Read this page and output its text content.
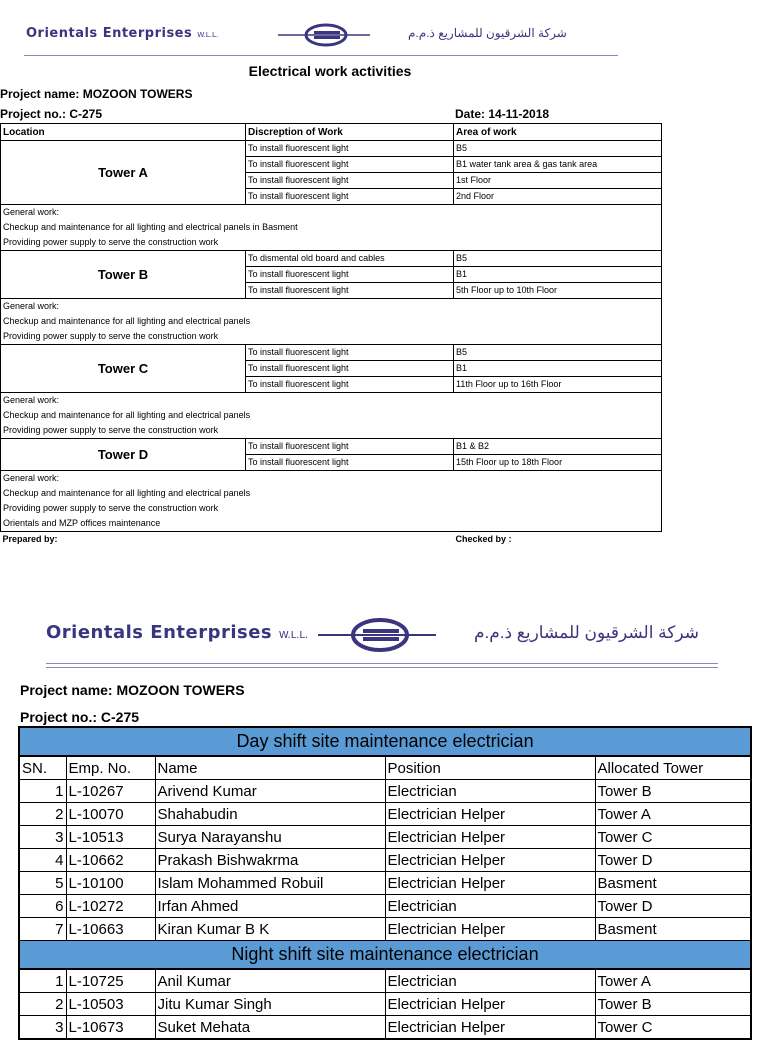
Orientals Enterprises W.L.L.	شركة الشرقيون للمشاريع ذ.م.م
Electrical work activities
Project name: MOZOON TOWERS
Project no.: C-275	Date: 14-11-2018
Location	Discreption of Work	Area of work
Tower A	To install fluorescent light	B5
	To install fluorescent light	B1 water tank area & gas tank area
	To install fluorescent light	1st Floor
	To install fluorescent light	2nd Floor
General work:		
Checkup and maintenance for all lighting and electrical panels in Basment		
Providing power supply to serve the construction work		
Tower B	To dismental old board and cables	B5
	To install fluorescent light	B1
	To install fluorescent light	5th Floor up to 10th Floor
General work:		
Checkup and maintenance for all lighting and electrical panels		
Providing power supply to serve the construction work		
Tower C	To install fluorescent light	B5
	To install fluorescent light	B1
	To install fluorescent light	11th Floor up to 16th Floor
General work:		
Checkup and maintenance for all lighting and electrical panels		
Providing power supply to serve the construction work		
Tower D	To install fluorescent light	B1 & B2
	To install fluorescent light	15th Floor up to 18th Floor
General work:		
Checkup and maintenance for all lighting and electrical panels		
Providing power supply to serve the construction work		
Orientals and MZP offices maintenance		
Prepared by:		Checked by :
Orientals Enterprises W.L.L.	شركة الشرقيون للمشاريع ذ.م.م
Project name: MOZOON TOWERS
Project no.: C-275
Day shift site maintenance electrician				
SN.	Emp. No.	Name	Position	Allocated Tower
1	L-10267	Arivend Kumar	Electrician	Tower B
2	L-10070	Shahabudin	Electrician Helper	Tower A
3	L-10513	Surya Narayanshu	Electrician Helper	Tower C
4	L-10662	Prakash Bishwakrma	Electrician Helper	Tower D
5	L-10100	Islam Mohammed Robuil	Electrician Helper	Basment
6	L-10272	Irfan Ahmed	Electrician	Tower D
7	L-10663	Kiran Kumar B K	Electrician Helper	Basment
Night shift site maintenance electrician				
1	L-10725	Anil Kumar	Electrician	Tower A
2	L-10503	Jitu Kumar Singh	Electrician Helper	Tower B
3	L-10673	Suket Mehata	Electrician Helper	Tower C
